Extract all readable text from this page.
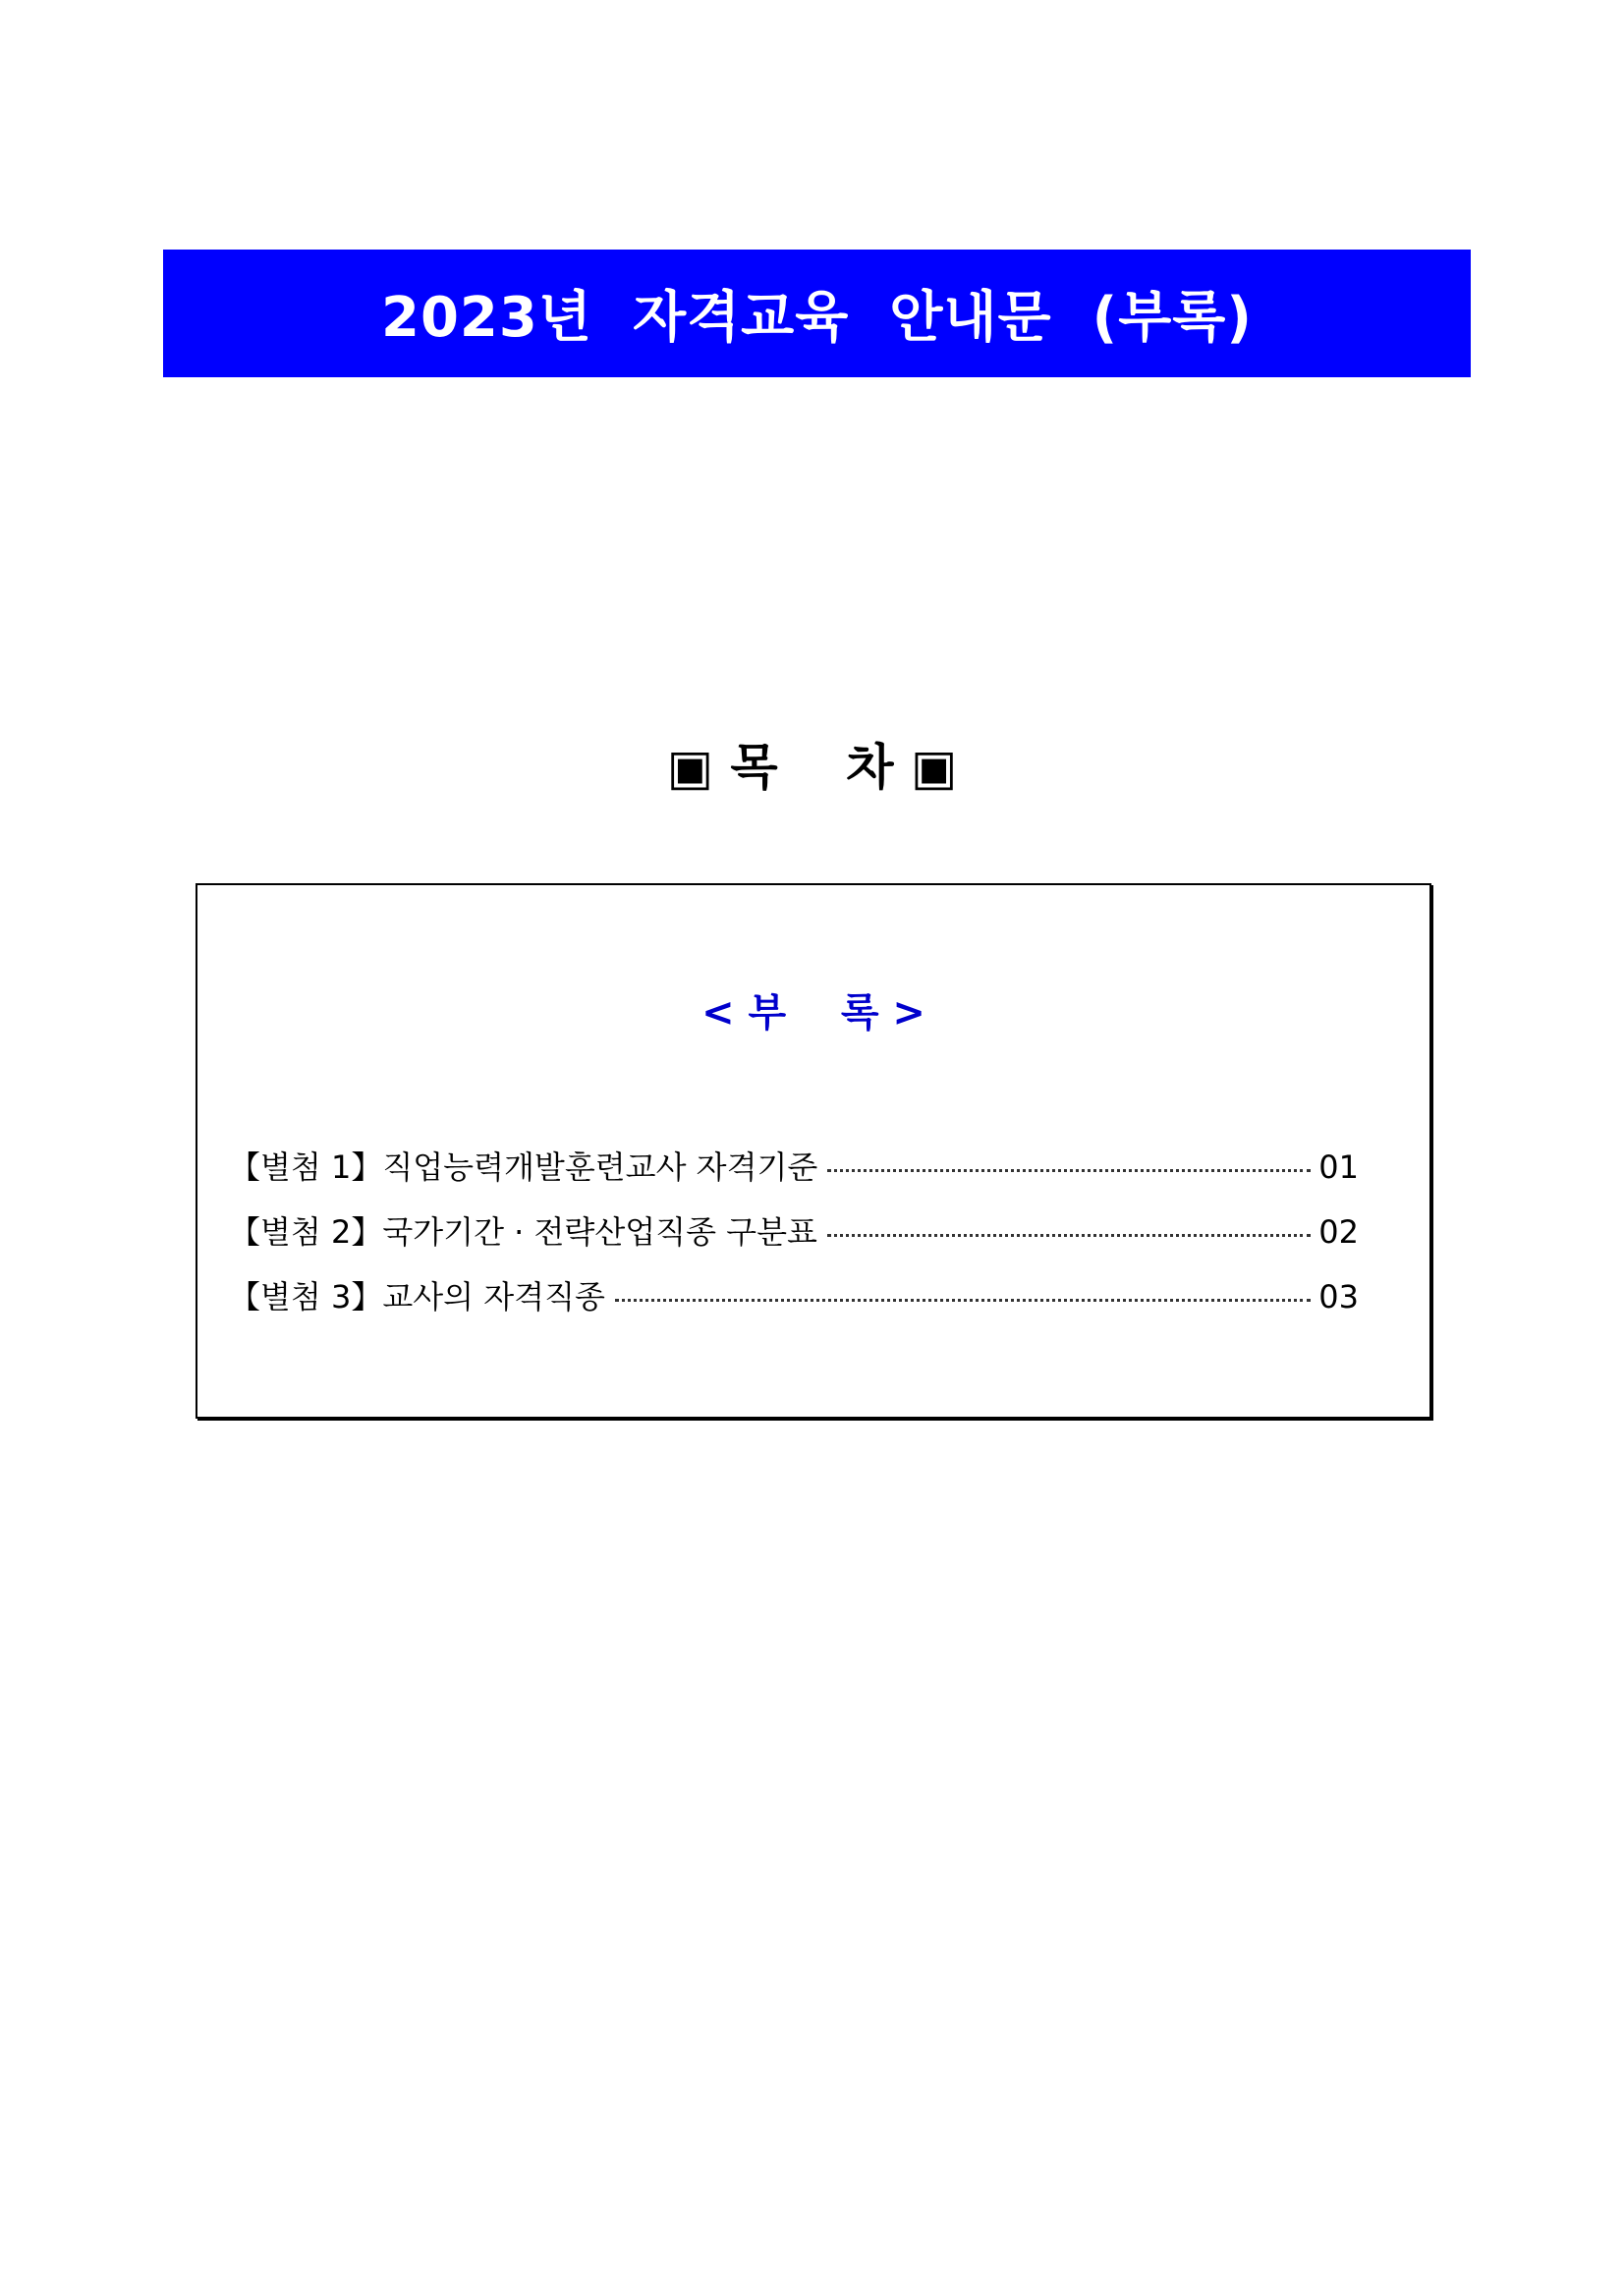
2023년  자격교육  안내문  (부록)
▣ 목    차 ▣
< 부    록 >
【별첨 1】 직업능력개발훈련교사 자격기준	01
【별첨 2】 국가기간 · 전략산업직종 구분표	02
【별첨 3】 교사의 자격직종	03
